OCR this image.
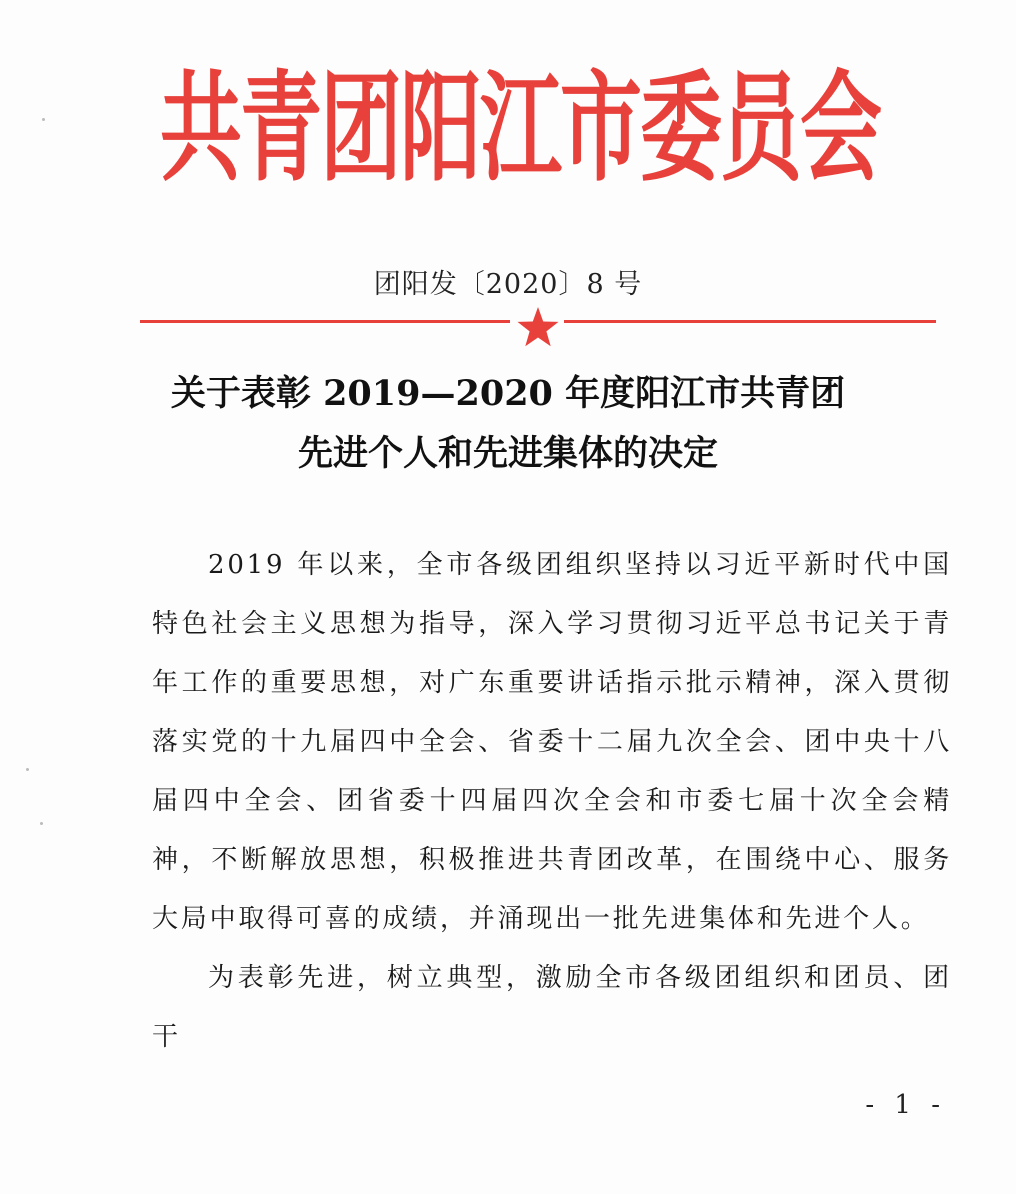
共青团阳江市委员会
团阳发〔2020〕8 号
关于表彰 2019—2020 年度阳江市共青团
先进个人和先进集体的决定

2019 年以来，全市各级团组织坚持以习近平新时代中国特色社会主义思想为指导，深入学习贯彻习近平总书记关于青年工作的重要思想，对广东重要讲话指示批示精神，深入贯彻落实党的十九届四中全会、省委十二届九次全会、团中央十八届四中全会、团省委十四届四次全会和市委七届十次全会精神，不断解放思想，积极推进共青团改革，在围绕中心、服务大局中取得可喜的成绩，并涌现出一批先进集体和先进个人。

为表彰先进，树立典型，激励全市各级团组织和团员、团干

- 1 -
